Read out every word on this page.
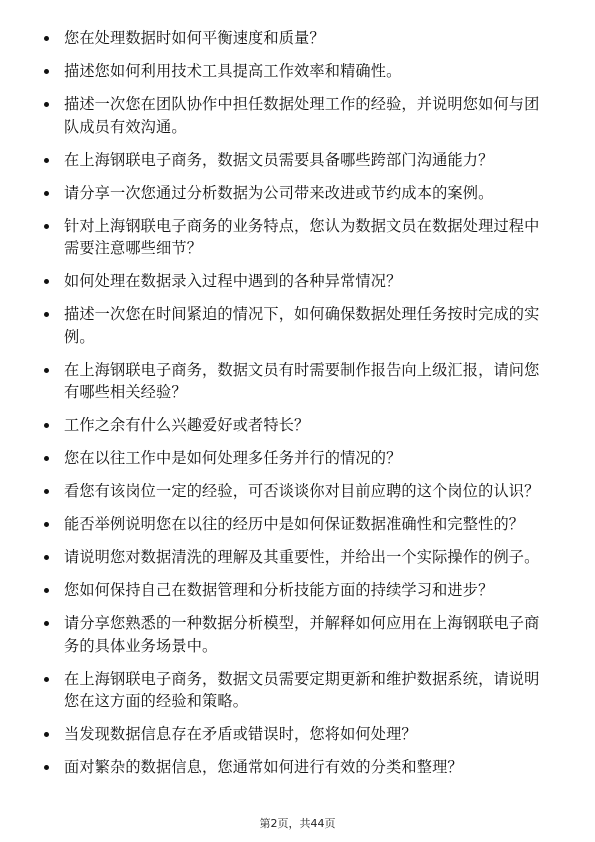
您在处理数据时如何平衡速度和质量？
描述您如何利用技术工具提高工作效率和精确性。
描述一次您在团队协作中担任数据处理工作的经验，并说明您如何与团队成员有效沟通。
在上海钢联电子商务，数据文员需要具备哪些跨部门沟通能力？
请分享一次您通过分析数据为公司带来改进或节约成本的案例。
针对上海钢联电子商务的业务特点，您认为数据文员在数据处理过程中需要注意哪些细节？
如何处理在数据录入过程中遇到的各种异常情况？
描述一次您在时间紧迫的情况下，如何确保数据处理任务按时完成的实例。
在上海钢联电子商务，数据文员有时需要制作报告向上级汇报，请问您有哪些相关经验？
工作之余有什么兴趣爱好或者特长？
您在以往工作中是如何处理多任务并行的情况的？
看您有该岗位一定的经验，可否谈谈你对目前应聘的这个岗位的认识？
能否举例说明您在以往的经历中是如何保证数据准确性和完整性的？
请说明您对数据清洗的理解及其重要性，并给出一个实际操作的例子。
您如何保持自己在数据管理和分析技能方面的持续学习和进步？
请分享您熟悉的一种数据分析模型，并解释如何应用在上海钢联电子商务的具体业务场景中。
在上海钢联电子商务，数据文员需要定期更新和维护数据系统，请说明您在这方面的经验和策略。
当发现数据信息存在矛盾或错误时，您将如何处理？
面对繁杂的数据信息，您通常如何进行有效的分类和整理？
第2页，共44页
